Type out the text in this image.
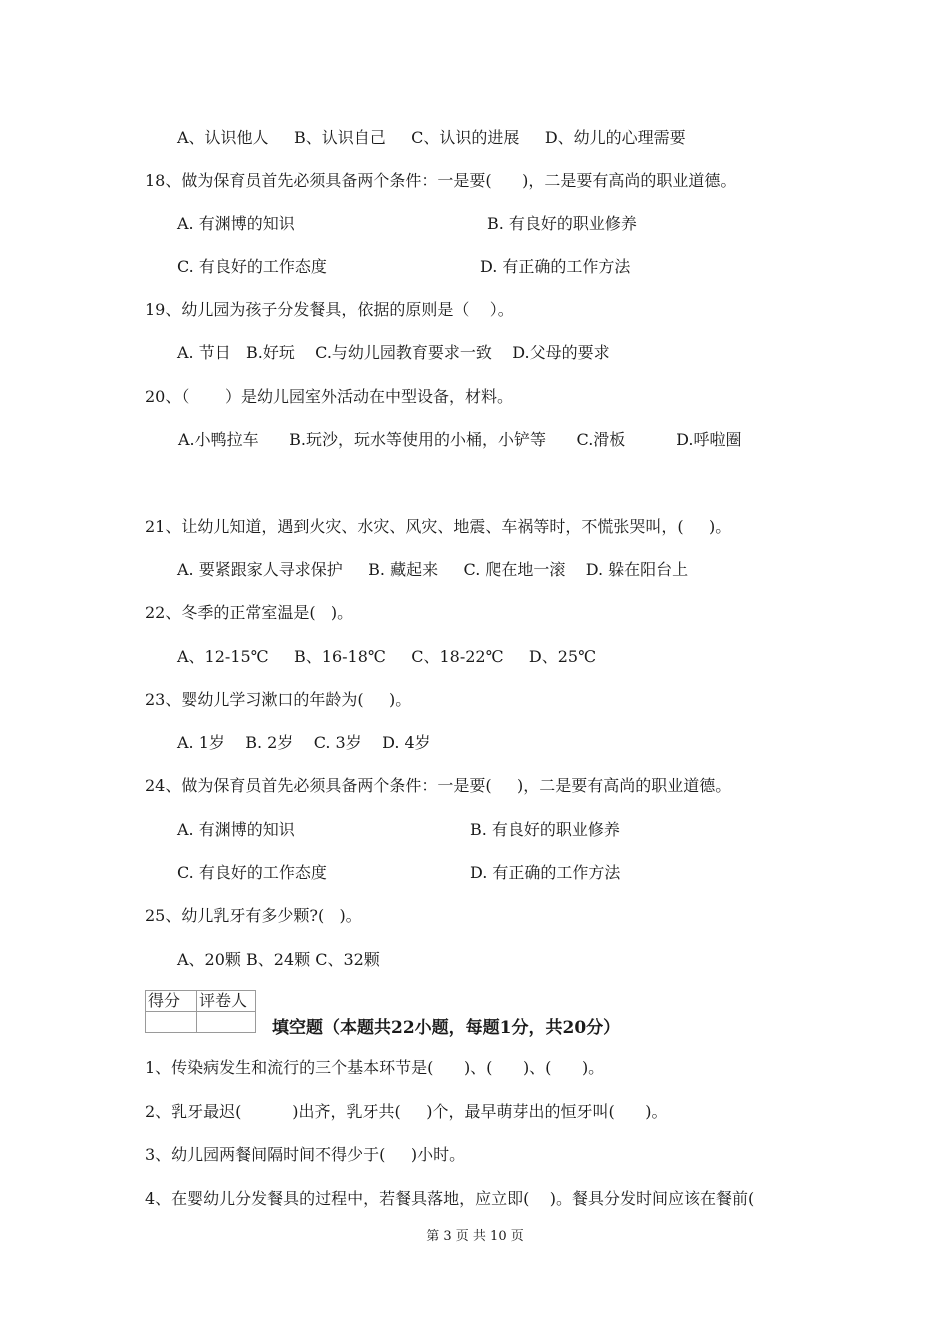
A、认识他人     B、认识自己     C、认识的进展     D、幼儿的心理需要
18、做为保育员首先必须具备两个条件：一是要(      )，二是要有高尚的职业道德。
A. 有渊博的知识	B. 有良好的职业修养
C. 有良好的工作态度	D. 有正确的工作方法
19、幼儿园为孩子分发餐具，依据的原则是（    ）。
A. 节日   B.好玩    C.与幼儿园教育要求一致    D.父母的要求
20、（       ）是幼儿园室外活动在中型设备，材料。
A.小鸭拉车      B.玩沙，玩水等使用的小桶，小铲等      C.滑板          D.呼啦圈
21、让幼儿知道，遇到火灾、水灾、风灾、地震、车祸等时，不慌张哭叫，(     )。
A. 要紧跟家人寻求保护     B. 藏起来     C. 爬在地一滚    D. 躲在阳台上
22、冬季的正常室温是(   )。
A、12-15℃     B、16-18℃     C、18-22℃     D、25℃
23、婴幼儿学习漱口的年龄为(     )。
A. 1岁    B. 2岁    C. 3岁    D. 4岁
24、做为保育员首先必须具备两个条件：一是要(     )，二是要有高尚的职业道德。
A. 有渊博的知识	B. 有良好的职业修养
C. 有良好的工作态度	D. 有正确的工作方法
25、幼儿乳牙有多少颗?(   )。
A、20颗 B、24颗 C、32颗
得分	评卷人

填空题（本题共22小题，每题1分，共20分）
1、传染病发生和流行的三个基本环节是(      )、(      )、(      )。
2、乳牙最迟(          )出齐，乳牙共(     )个，最早萌芽出的恒牙叫(      )。
3、幼儿园两餐间隔时间不得少于(     )小时。
4、在婴幼儿分发餐具的过程中，若餐具落地，应立即(    )。餐具分发时间应该在餐前(
第 3 页 共 10 页
